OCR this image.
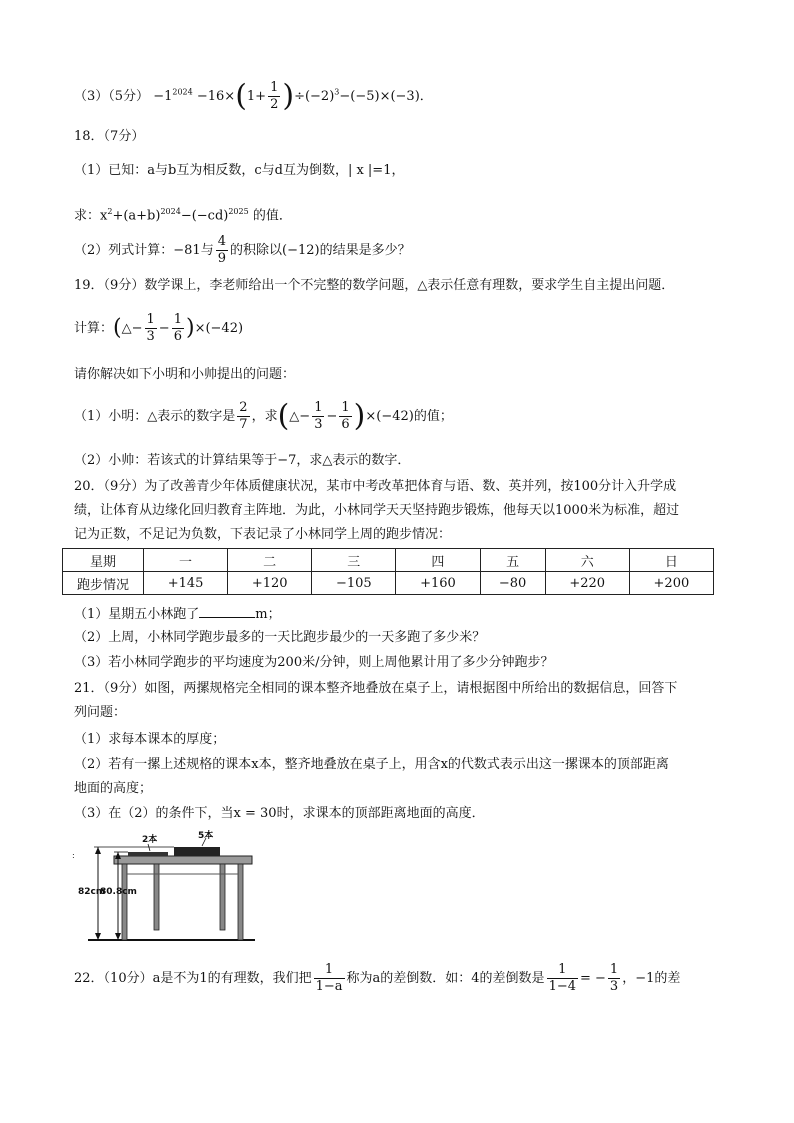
（3）（5分） $-1^{2024} -16\times(1+ \frac{1}{2} )\div(-2)^3-(-5)\times(-3)$．
18．（7分）
（1）已知：a与b互为相反数，c与d互为倒数，| x |=1，
求：$x^2+(a+b)^{2024}-(-cd)^{2025}$ 的值．
（2）列式计算：−81与 $\frac{4}{9}$ 的积除以(−12)的结果是多少？
19．（9分）数学课上，李老师给出一个不完整的数学问题，△表示任意有理数，要求学生自主提出问题．
计算：(△− $\frac{1}{3} - \frac{1}{6} )\times(-42)$
请你解决如下小明和小帅提出的问题：
（1）小明：△表示的数字是 $\frac{2}{7}$ ，求(△− $\frac{1}{3} - \frac{1}{6} )\times(-42)$的值；
（2）小帅：若该式的计算结果等于−7，求△表示的数字．
20．（9分）为了改善青少年体质健康状况，某市中考改革把体育与语、数、英并列，按100分计入升学成
绩，让体育从边缘化回归教育主阵地．为此，小林同学天天坚持跑步锻炼，他每天以1000米为标准，超过
记为正数，不足记为负数，下表记录了小林同学上周的跑步情况：
星期	一	二	三	四	五	六	日
跑步情况	+145	+120	−105	+160	−80	+220	+200
（1）星期五小林跑了	m；
（2）上周，小林同学跑步最多的一天比跑步最少的一天多跑了多少米？
（3）若小林同学跑步的平均速度为200米/分钟，则上周他累计用了多少分钟跑步？
21．（9分）如图，两摞规格完全相同的课本整齐地叠放在桌子上，请根据图中所给出的数据信息，回答下
列问题：
（1）求每本课本的厚度；
（2）若有一摞上述规格的课本x本，整齐地叠放在桌子上，用含x的代数式表示出这一摞课本的顶部距离
地面的高度；
（3）在（2）的条件下，当x = 30时，求课本的顶部距离地面的高度．
2本	5本
82cm
80.8cm
:
22．（10分）a是不为1的有理数，我们把 $\frac{1}{1-a}$ 称为a的差倒数．如：4的差倒数是 $\frac{1}{1-4}$ = − $\frac{1}{3}$ ，−1的差
